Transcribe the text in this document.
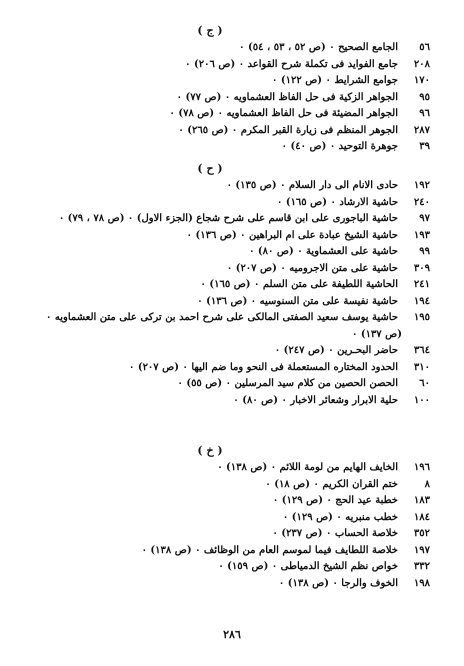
( ج )
٥٦
الجامع الصحيح ٠ (ص ٥٢ ، ٥٣ ، ٥٤) ٠
٢٠٨
جامع الفوايد فى تكملة شرح القواعد ٠ (ص ٢٠٦) ٠
١٧٠
جوامع الشرايط ٠ (ص ١٢٢) ٠
٩٥
الجواهر الزكية فى حل الفاظ العشماويه ٠ (ص ٧٧) ٠
٩٦
الجواهر المضيئة فى حل الفاظ العشماويه ٠ (ص ٧٨) ٠
٢٨٧
الجوهر المنظم فى زيارة القبر المكرم ٠ (ص ٢٦٥) ٠
٣٩
جوهرة التوحيد ٠ (ص ٤٠) ٠
( ح )
١٩٢
حادى الانام الى دار السلام ٠ (ص ١٣٥) ٠
٢٤٠
حاشية الارشاد ٠ (ص ١٦٥) ٠
٩٧
حاشية الباجورى على ابن قاسم على شرح شجاع (الجزء الاول) ٠ (ص ٧٨ ، ٧٩) ٠
١٩٣
حاشية الشيخ عبادة على ام البراهين ٠ (ص ١٣٦) ٠
٩٩
حاشية على العشماوية ٠ (ص ٨٠) ٠
٣٠٩
حاشية على متن الاجروميه ٠ (ص ٢٠٧) ٠
٢٤١
الحاشية اللطيفة على متن السلم ٠ (ص ١٦٥) ٠
١٩٤
حاشية نفيسة على متن السنوسيه ٠ (ص ١٣٦) ٠
١٩٥
حاشية يوسف سعيد الصفتى المالكى على شرح احمد بن تركى على متن العشماويه ٠
(ص ١٣٧) ٠
٣٦٤
حاضر البحـرين ٠ (ص ٢٤٧) ٠
٣١٠
الحدود المختاره المستعملة فى النحو وما ضم اليها ٠ (ص ٢٠٧) ٠
٦٠
الحصن الحصين من كلام سيد المرسلين ٠ (ص ٥٥) ٠
١٠٠
حلية الابرار وشعائر الاخبار ٠ (ص ٨٠) ٠
( خ )
١٩٦
الخايف الهايم من لومة اللائم ٠ (ص ١٣٨) ٠
٨
ختم القران الكريم ٠ (ص ١٨) ٠
١٨٣
خطبة عيد الحج ٠ (ص ١٢٩) ٠
١٨٤
خطب منبريه ٠ (ص ١٢٩) ٠
٣٥٢
خلاصة الحساب ٠ (ص ٢٣٧) ٠
١٩٧
خلاصة اللطايف فيما لموسم العام من الوظائف ٠ (ص ١٣٨) ٠
٣٣٢
خواص نظم الشيخ الدمياطى ٠ (ص ١٥٩) ٠
١٩٨
الخوف والرجا ٠ (ص ١٣٨) ٠
٢٨٦
